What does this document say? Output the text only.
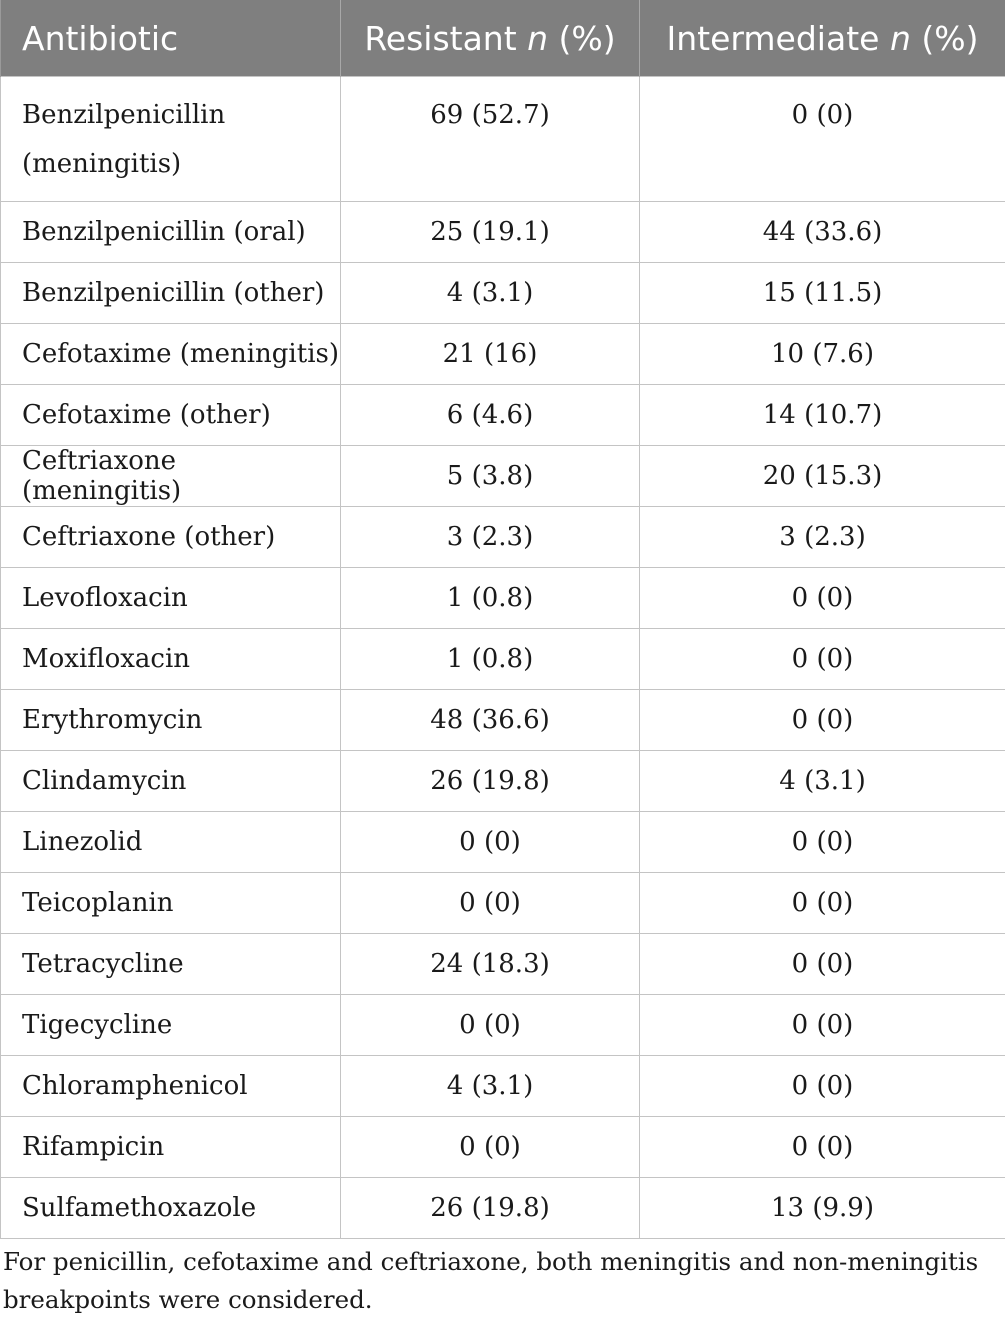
Antibiotic	Resistant n (%)	Intermediate n (%)
Benzilpenicillin (meningitis)	69 (52.7)	0 (0)
Benzilpenicillin (oral)	25 (19.1)	44 (33.6)
Benzilpenicillin (other)	4 (3.1)	15 (11.5)
Cefotaxime (meningitis)	21 (16)	10 (7.6)
Cefotaxime (other)	6 (4.6)	14 (10.7)
Ceftriaxone (meningitis)	5 (3.8)	20 (15.3)
Ceftriaxone (other)	3 (2.3)	3 (2.3)
Levofloxacin	1 (0.8)	0 (0)
Moxifloxacin	1 (0.8)	0 (0)
Erythromycin	48 (36.6)	0 (0)
Clindamycin	26 (19.8)	4 (3.1)
Linezolid	0 (0)	0 (0)
Teicoplanin	0 (0)	0 (0)
Tetracycline	24 (18.3)	0 (0)
Tigecycline	0 (0)	0 (0)
Chloramphenicol	4 (3.1)	0 (0)
Rifampicin	0 (0)	0 (0)
Sulfamethoxazole	26 (19.8)	13 (9.9)
For penicillin, cefotaxime and ceftriaxone, both meningitis and non-meningitis breakpoints were considered.
